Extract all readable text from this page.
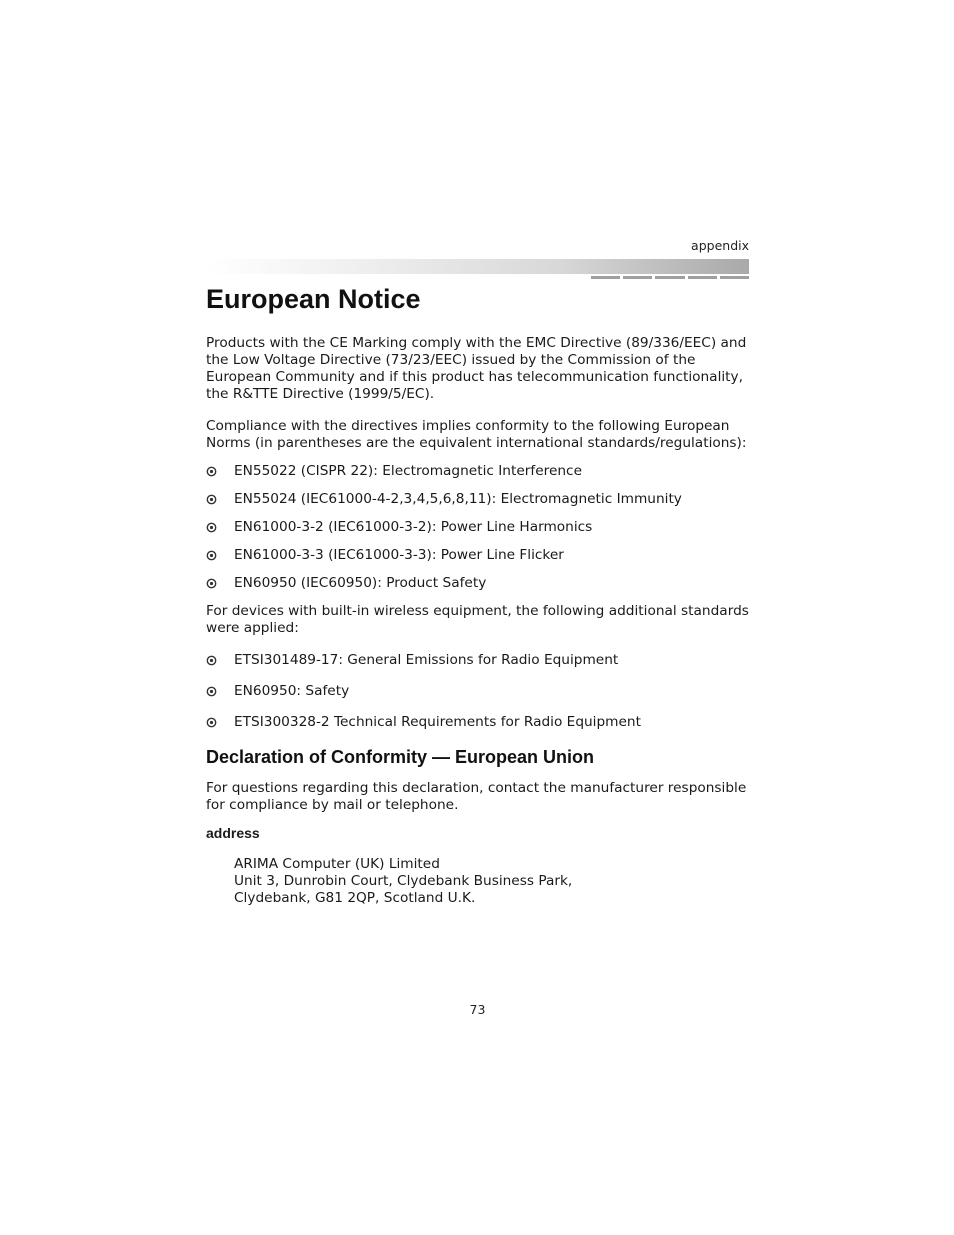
appendix
European Notice

Products with the CE Marking comply with the EMC Directive (89/336/EEC) and the Low Voltage Directive (73/23/EEC) issued by the Commission of the European Community and if this product has telecommunication functionality, the R&TTE Directive (1999/5/EC).

Compliance with the directives implies conformity to the following European Norms (in parentheses are the equivalent international standards/regulations):

EN55022 (CISPR 22): Electromagnetic Interference
EN55024 (IEC61000-4-2,3,4,5,6,8,11): Electromagnetic Immunity
EN61000-3-2 (IEC61000-3-2): Power Line Harmonics
EN61000-3-3 (IEC61000-3-3): Power Line Flicker
EN60950 (IEC60950): Product Safety

For devices with built-in wireless equipment, the following additional standards were applied:

ETSI301489-17: General Emissions for Radio Equipment
EN60950: Safety
ETSI300328-2 Technical Requirements for Radio Equipment
Declaration of Conformity — European Union

For questions regarding this declaration, contact the manufacturer responsible for compliance by mail or telephone.

address
ARIMA Computer (UK) Limited
Unit 3, Dunrobin Court, Clydebank Business Park,
Clydebank, G81 2QP, Scotland U.K.
73
